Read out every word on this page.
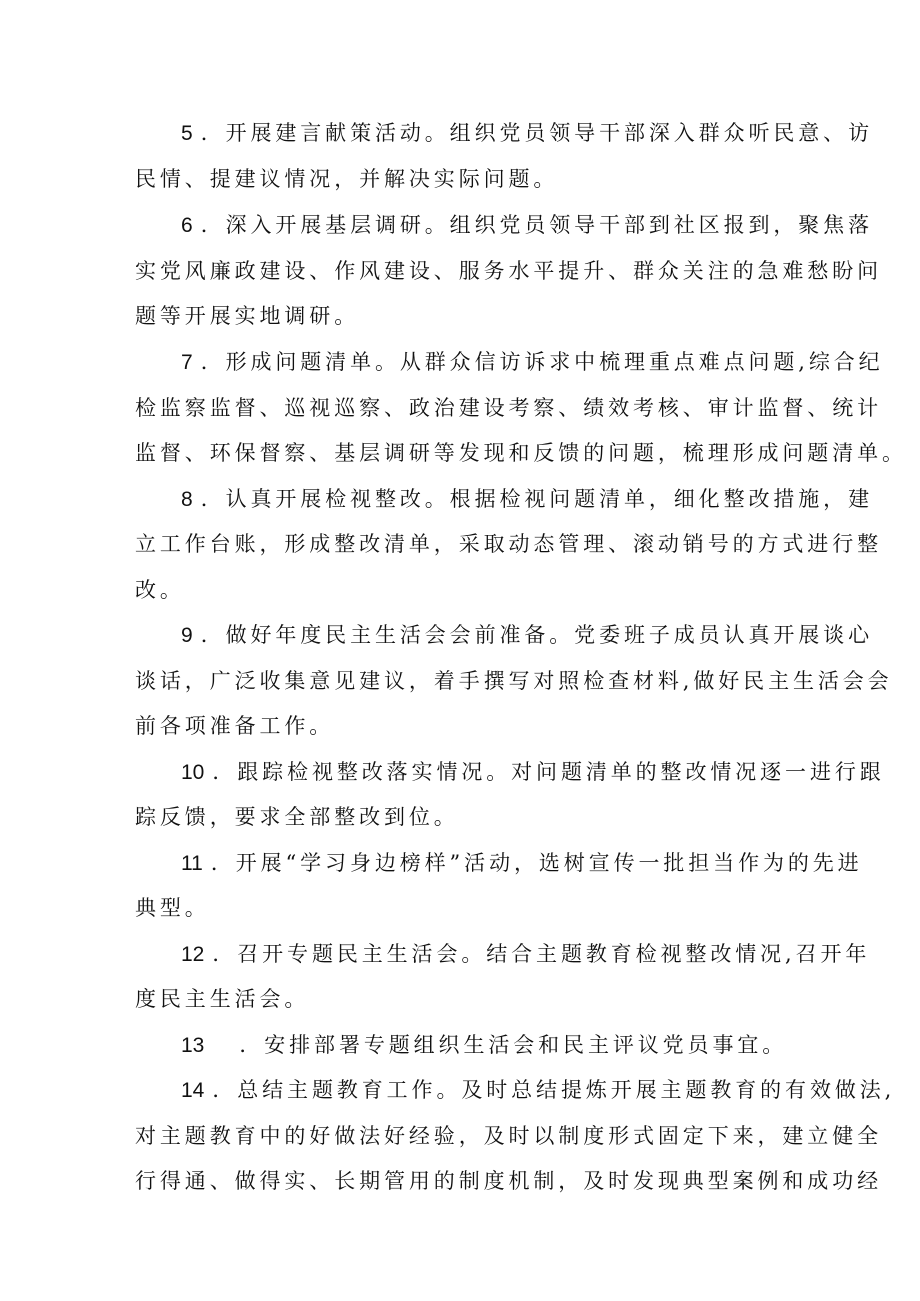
5 ．开展建言献策活动。组织党员领导干部深入群众听民意、访
民情、提建议情况，并解决实际问题。
6 ．深入开展基层调研。组织党员领导干部到社区报到，聚焦落
实党风廉政建设、作风建设、服务水平提升、群众关注的急难愁盼问
题等开展实地调研。
7 ．形成问题清单。从群众信访诉求中梳理重点难点问题,综合纪
检监察监督、巡视巡察、政治建设考察、绩效考核、审计监督、统计
监督、环保督察、基层调研等发现和反馈的问题，梳理形成问题清单。
8 ．认真开展检视整改。根据检视问题清单，细化整改措施，建
立工作台账，形成整改清单，采取动态管理、滚动销号的方式进行整
改。
9 ．做好年度民主生活会会前准备。党委班子成员认真开展谈心
谈话，广泛收集意见建议，着手撰写对照检查材料,做好民主生活会会
前各项准备工作。
10 ．跟踪检视整改落实情况。对问题清单的整改情况逐一进行跟
踪反馈，要求全部整改到位。
11 ．开展“学习身边榜样”活动，选树宣传一批担当作为的先进
典型。
12 ．召开专题民主生活会。结合主题教育检视整改情况,召开年
度民主生活会。
13 ．安排部署专题组织生活会和民主评议党员事宜。
14 ．总结主题教育工作。及时总结提炼开展主题教育的有效做法,
对主题教育中的好做法好经验，及时以制度形式固定下来，建立健全
行得通、做得实、长期管用的制度机制，及时发现典型案例和成功经
